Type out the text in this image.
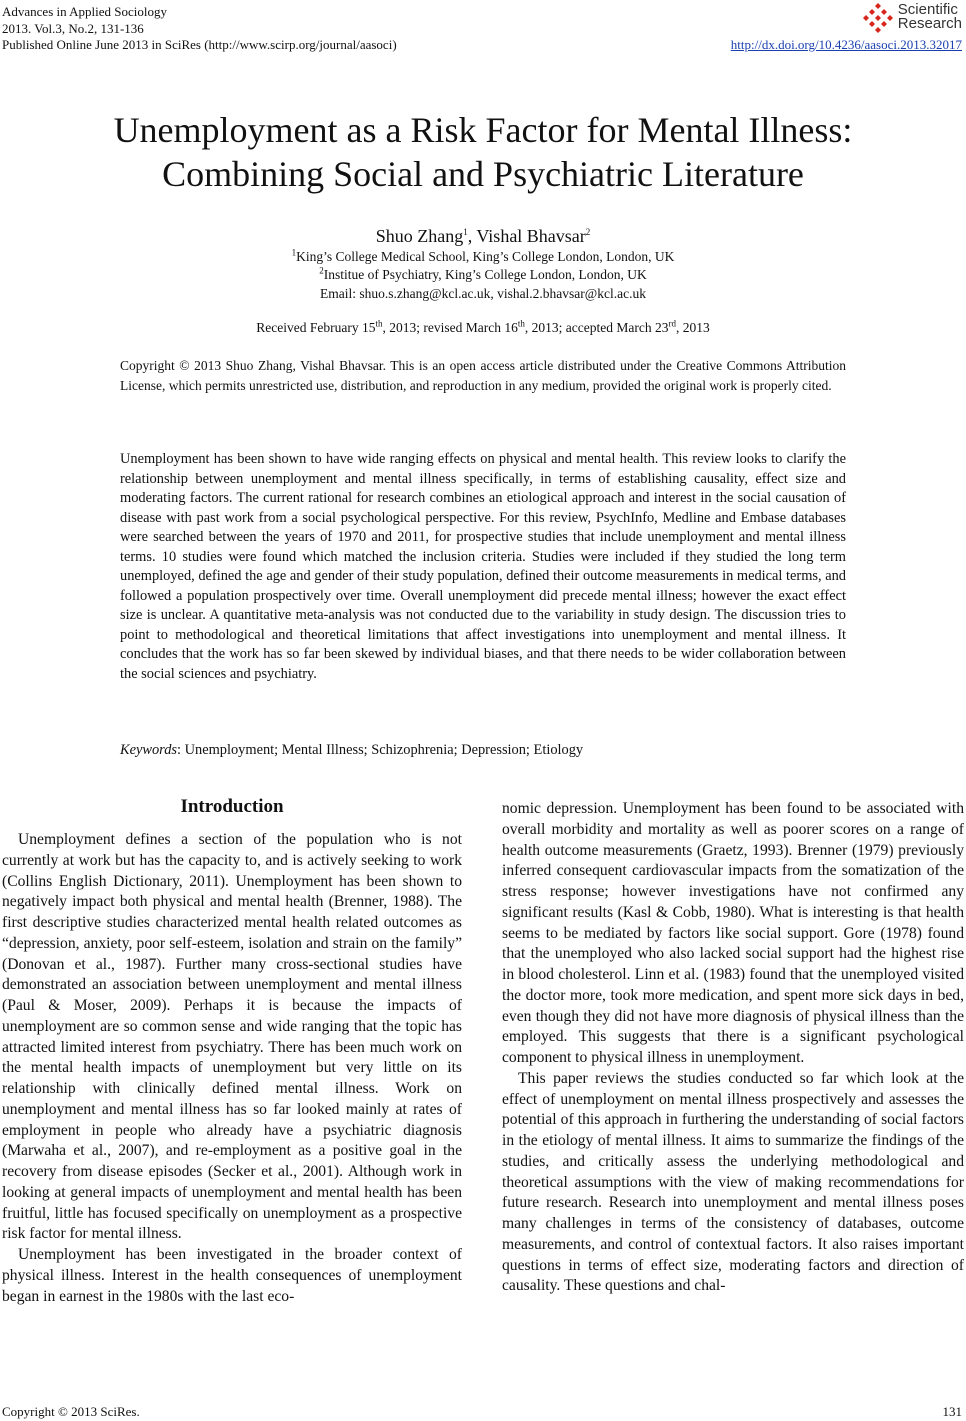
Advances in Applied Sociology
2013. Vol.3, No.2, 131-136
Published Online June 2013 in SciRes (http://www.scirp.org/journal/aasoci)
Scientific
Research
http://dx.doi.org/10.4236/aasoci.2013.32017
Unemployment as a Risk Factor for Mental Illness:
Combining Social and Psychiatric Literature
Shuo Zhang$^1$, Vishal Bhavsar$^2$
$^1$King’s College Medical School, King’s College London, London, UK
$^2$Institue of Psychiatry, King’s College London, London, UK
Email: shuo.s.zhang@kcl.ac.uk, vishal.2.bhavsar@kcl.ac.uk
Received February 15th, 2013; revised March 16th, 2013; accepted March 23rd, 2013
Copyright © 2013 Shuo Zhang, Vishal Bhavsar. This is an open access article distributed under the Creative Commons Attribution License, which permits unrestricted use, distribution, and reproduction in any medium, provided the original work is properly cited.
Unemployment has been shown to have wide ranging effects on physical and mental health. This review looks to clarify the relationship between unemployment and mental illness specifically, in terms of establishing causality, effect size and moderating factors. The current rational for research combines an etiological approach and interest in the social causation of disease with past work from a social psychological perspective. For this review, PsychInfo, Medline and Embase databases were searched between the years of 1970 and 2011, for prospective studies that include unemployment and mental illness terms. 10 studies were found which matched the inclusion criteria. Studies were included if they studied the long term unemployed, defined the age and gender of their study population, defined their outcome measurements in medical terms, and followed a population prospectively over time. Overall unemployment did precede mental illness; however the exact effect size is unclear. A quantitative meta-analysis was not conducted due to the variability in study design. The discussion tries to point to methodological and theoretical limitations that affect investigations into unemployment and mental illness. It concludes that the work has so far been skewed by individual biases, and that there needs to be wider collaboration between the social sciences and psychiatry.
Keywords: Unemployment; Mental Illness; Schizophrenia; Depression; Etiology
Introduction

Unemployment defines a section of the population who is not currently at work but has the capacity to, and is actively seeking to work (Collins English Dictionary, 2011). Unemployment has been shown to negatively impact both physical and mental health (Brenner, 1988). The first descriptive studies characterized mental health related outcomes as “depression, anxiety, poor self-esteem, isolation and strain on the family” (Donovan et al., 1987). Further many cross-sectional studies have demonstrated an association between unemployment and mental illness (Paul & Moser, 2009). Perhaps it is because the impacts of unemployment are so common sense and wide ranging that the topic has attracted limited interest from psychiatry. There has been much work on the mental health impacts of unemployment but very little on its relationship with clinically defined mental illness. Work on unemployment and mental illness has so far looked mainly at rates of employment in people who already have a psychiatric diagnosis (Marwaha et al., 2007), and re-employment as a positive goal in the recovery from disease episodes (Secker et al., 2001). Although work in looking at general impacts of unemployment and mental health has been fruitful, little has focused specifically on unemployment as a prospective risk factor for mental illness.

Unemployment has been investigated in the broader context of physical illness. Interest in the health consequences of unemployment began in earnest in the 1980s with the last eco-

nomic depression. Unemployment has been found to be associated with overall morbidity and mortality as well as poorer scores on a range of health outcome measurements (Graetz, 1993). Brenner (1979) previously inferred consequent cardiovascular impacts from the somatization of the stress response; however investigations have not confirmed any significant results (Kasl & Cobb, 1980). What is interesting is that health seems to be mediated by factors like social support. Gore (1978) found that the unemployed who also lacked social support had the highest rise in blood cholesterol. Linn et al. (1983) found that the unemployed visited the doctor more, took more medication, and spent more sick days in bed, even though they did not have more diagnosis of physical illness than the employed. This suggests that there is a significant psychological component to physical illness in unemployment.

This paper reviews the studies conducted so far which look at the effect of unemployment on mental illness prospectively and assesses the potential of this approach in furthering the understanding of social factors in the etiology of mental illness. It aims to summarize the findings of the studies, and critically assess the underlying methodological and theoretical assumptions with the view of making recommendations for future research. Research into unemployment and mental illness poses many challenges in terms of the consistency of databases, outcome measurements, and control of contextual factors. It also raises important questions in terms of effect size, moderating factors and direction of causality. These questions and chal-

Copyright © 2013 SciRes.	131
